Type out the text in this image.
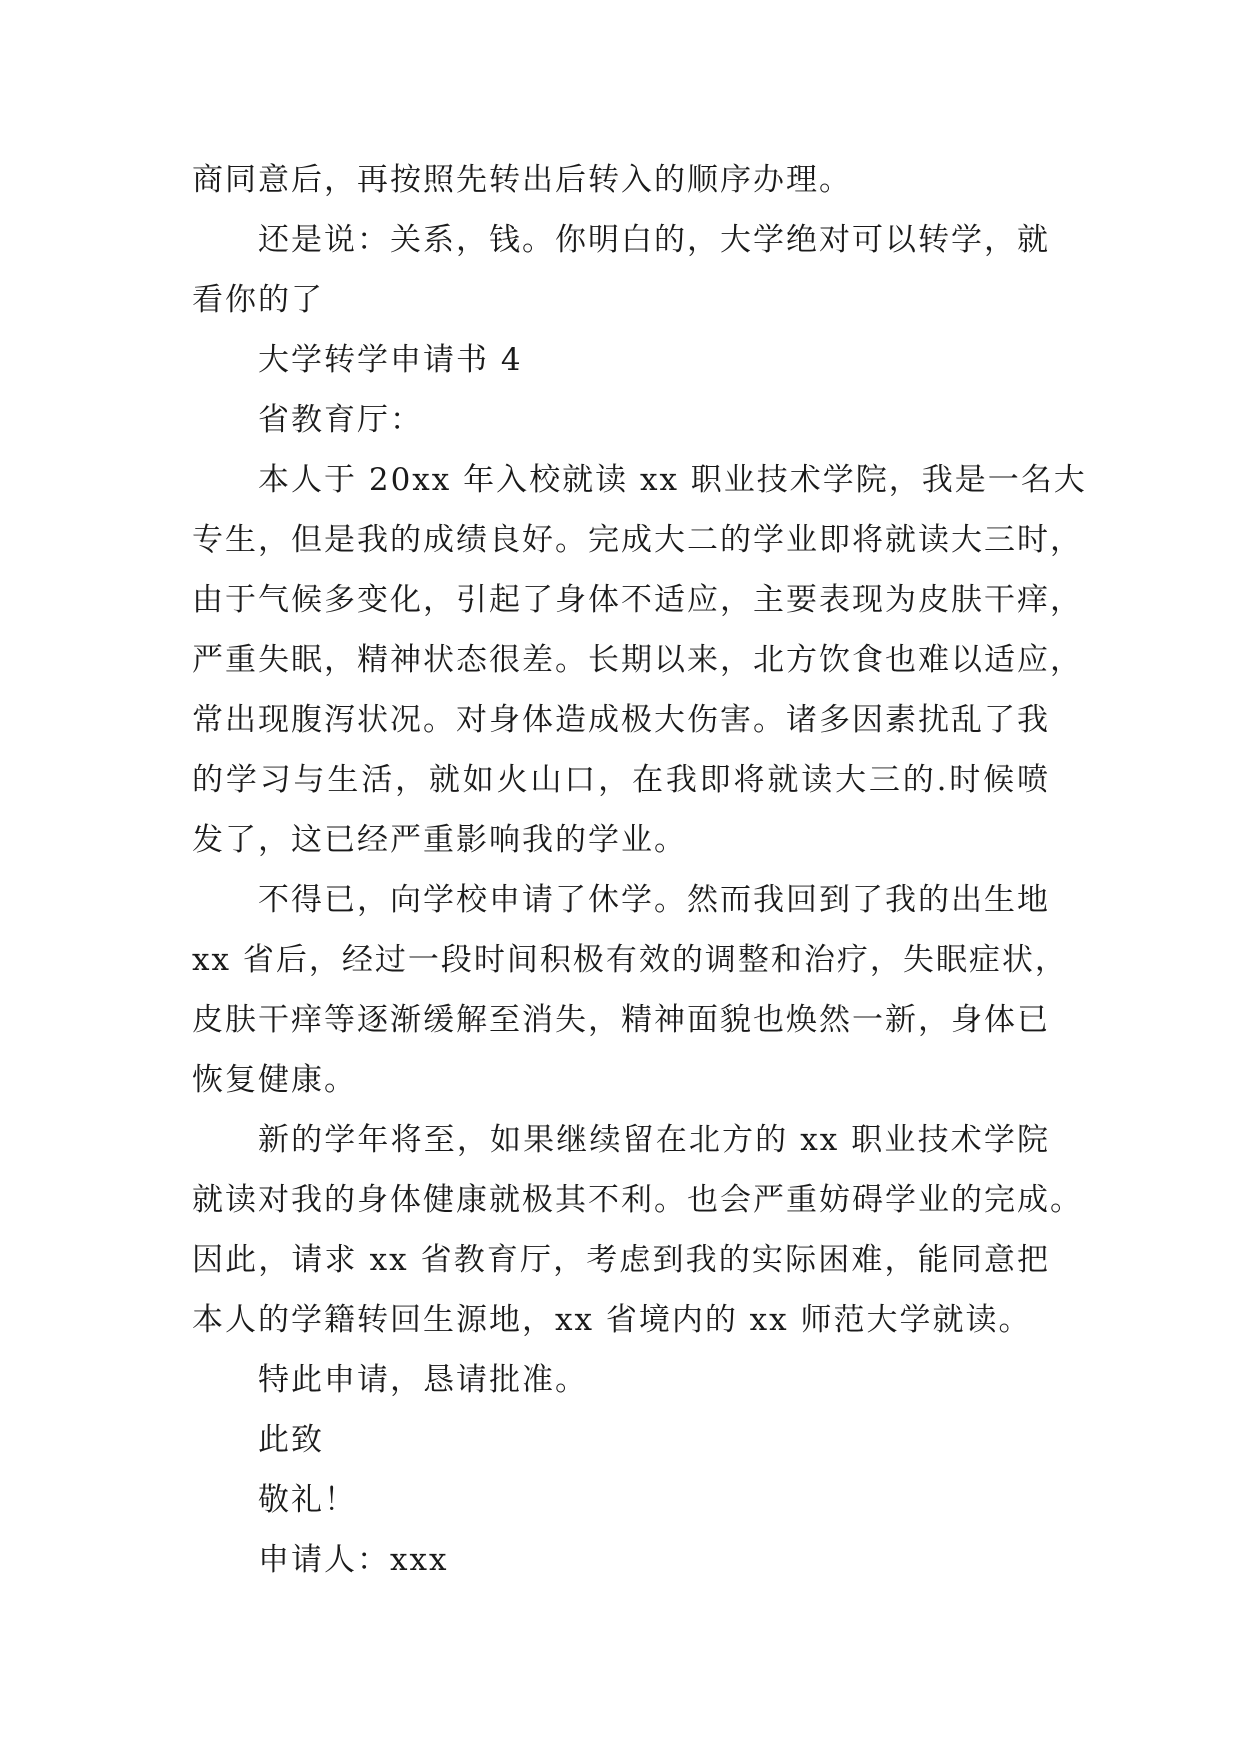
商同意后，再按照先转出后转入的顺序办理。

还是说：关系，钱。你明白的，大学绝对可以转学，就

看你的了

大学转学申请书 4

省教育厅：

本人于 20xx 年入校就读 xx 职业技术学院，我是一名大

专生，但是我的成绩良好。完成大二的学业即将就读大三时，

由于气候多变化，引起了身体不适应，主要表现为皮肤干痒，

严重失眠，精神状态很差。长期以来，北方饮食也难以适应，

常出现腹泻状况。对身体造成极大伤害。诸多因素扰乱了我

的学习与生活，就如火山口，在我即将就读大三的.时候喷

发了，这已经严重影响我的学业。

不得已，向学校申请了休学。然而我回到了我的出生地

xx 省后，经过一段时间积极有效的调整和治疗，失眠症状，

皮肤干痒等逐渐缓解至消失，精神面貌也焕然一新，身体已

恢复健康。

新的学年将至，如果继续留在北方的 xx 职业技术学院

就读对我的身体健康就极其不利。也会严重妨碍学业的完成。

因此，请求 xx 省教育厅，考虑到我的实际困难，能同意把

本人的学籍转回生源地，xx 省境内的 xx 师范大学就读。

特此申请，恳请批准。

此致

敬礼！

申请人：xxx
